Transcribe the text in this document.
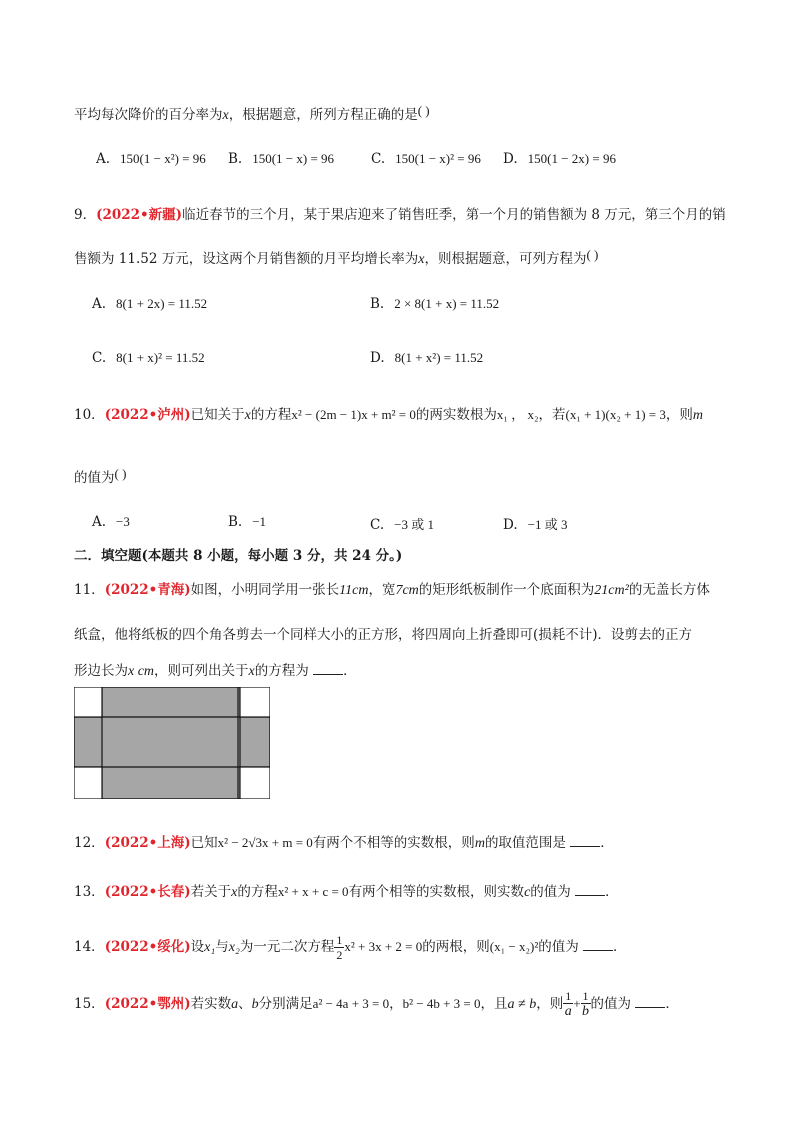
平均每次降价的百分率为x，根据题意，所列方程正确的是( )
A. 150(1 − x²) = 96 B. 150(1 − x) = 96	C. 150(1 − x)² = 96 D. 150(1 − 2x) = 96
9．(2022•新疆)临近春节的三个月，某于果店迎来了销售旺季，第一个月的销售额为 8 万元，第三个月的销
售额为 11.52 万元，设这两个月销售额的月平均增长率为x，则根据题意，可列方程为( )
A. 8(1 + 2x) = 11.52	B. 2 × 8(1 + x) = 11.52
C. 8(1 + x)² = 11.52	D. 8(1 + x²) = 11.52
10．(2022•泸州)已知关于x的方程x² − (2m − 1)x + m² = 0的两实数根为x₁ ， x₂，若(x₁ + 1)(x₂ + 1) = 3，则m
的值为( )
A. −3	B. −1	C. −3 或 1	D. −1 或 3
二．填空题(本题共 8 小题，每小题 3 分，共 24 分。)
11．(2022•青海)如图，小明同学用一张长11cm，宽7cm的矩形纸板制作一个底面积为21cm²的无盖长方体
纸盒，他将纸板的四个角各剪去一个同样大小的正方形，将四周向上折叠即可(损耗不计)．设剪去的正方
形边长为x cm，则可列出关于x的方程为	．
12．(2022•上海)已知x² − 2√3x + m = 0有两个不相等的实数根，则m的取值范围是	．
13．(2022•长春)若关于x的方程x² + x + c = 0有两个相等的实数根，则实数c的值为	．
14．(2022•绥化)设x₁与x₂为一元二次方程 $\frac{1}{2} x^2 + 3x + 2 = 0$的两根，则(x₁ − x₂)²的值为	．
15．(2022•鄂州)若实数a、b分别满足a² − 4a + 3 = 0，b² − 4b + 3 = 0，且a ≠ b，则 $\frac{1}{a} + \frac{1}{b}$ 的值为	．
